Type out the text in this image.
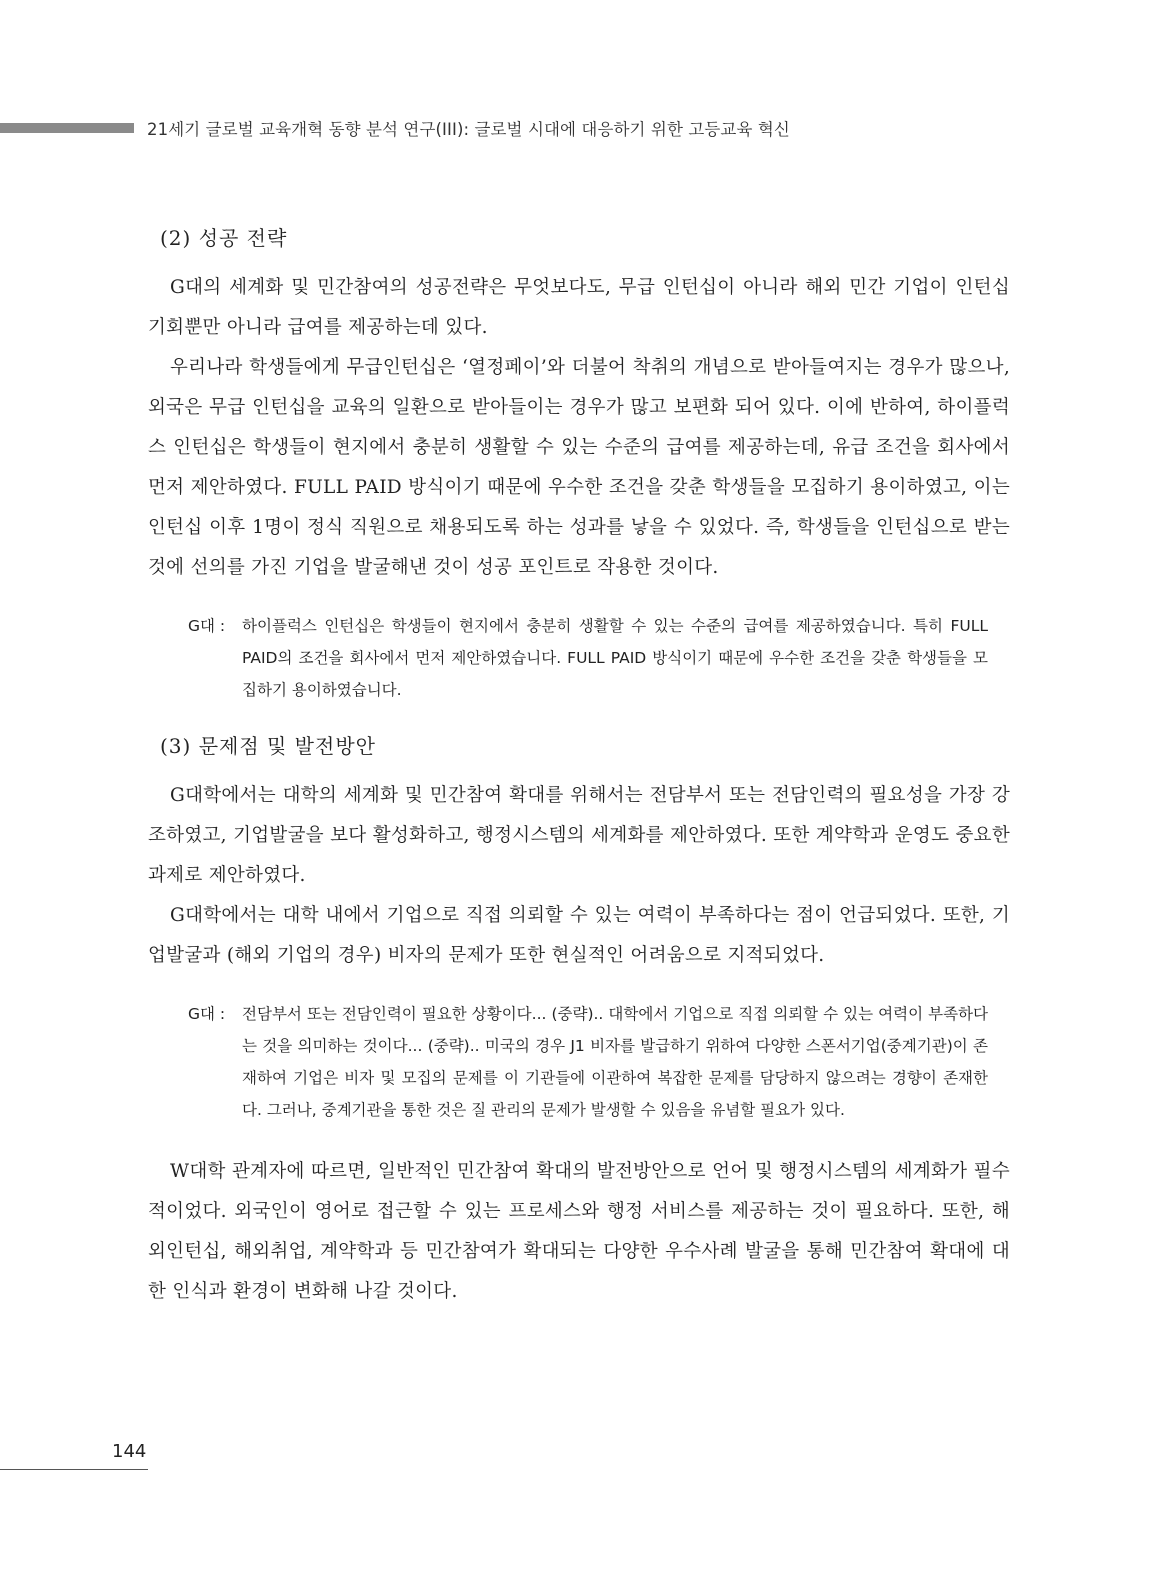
21세기 글로벌 교육개혁 동향 분석 연구(III): 글로벌 시대에 대응하기 위한 고등교육 혁신
(2) 성공 전략

G대의 세계화 및 민간참여의 성공전략은 무엇보다도, 무급 인턴십이 아니라 해외 민간 기업이 인턴십 기회뿐만 아니라 급여를 제공하는데 있다.

우리나라 학생들에게 무급인턴십은 ‘열정페이’와 더불어 착취의 개념으로 받아들여지는 경우가 많으나, 외국은 무급 인턴십을 교육의 일환으로 받아들이는 경우가 많고 보편화 되어 있다. 이에 반하여, 하이플럭스 인턴십은 학생들이 현지에서 충분히 생활할 수 있는 수준의 급여를 제공하는데, 유급 조건을 회사에서 먼저 제안하였다. FULL PAID 방식이기 때문에 우수한 조건을 갖춘 학생들을 모집하기 용이하였고, 이는 인턴십 이후 1명이 정식 직원으로 채용되도록 하는 성과를 낳을 수 있었다. 즉, 학생들을 인턴십으로 받는 것에 선의를 가진 기업을 발굴해낸 것이 성공 포인트로 작용한 것이다.

G대 :	하이플럭스 인턴십은 학생들이 현지에서 충분히 생활할 수 있는 수준의 급여를 제공하였습니다. 특히 FULL PAID의 조건을 회사에서 먼저 제안하였습니다. FULL PAID 방식이기 때문에 우수한 조건을 갖춘 학생들을 모집하기 용이하였습니다.
(3) 문제점 및 발전방안

G대학에서는 대학의 세계화 및 민간참여 확대를 위해서는 전담부서 또는 전담인력의 필요성을 가장 강조하였고, 기업발굴을 보다 활성화하고, 행정시스템의 세계화를 제안하였다. 또한 계약학과 운영도 중요한 과제로 제안하였다.

G대학에서는 대학 내에서 기업으로 직접 의뢰할 수 있는 여력이 부족하다는 점이 언급되었다. 또한, 기업발굴과 (해외 기업의 경우) 비자의 문제가 또한 현실적인 어려움으로 지적되었다.

G대 :	전담부서 또는 전담인력이 필요한 상황이다... (중략).. 대학에서 기업으로 직접 의뢰할 수 있는 여력이 부족하다는 것을 의미하는 것이다... (중략).. 미국의 경우 J1 비자를 발급하기 위하여 다양한 스폰서기업(중계기관)이 존재하여 기업은 비자 및 모집의 문제를 이 기관들에 이관하여 복잡한 문제를 담당하지 않으려는 경향이 존재한다. 그러나, 중계기관을 통한 것은 질 관리의 문제가 발생할 수 있음을 유념할 필요가 있다.

W대학 관계자에 따르면, 일반적인 민간참여 확대의 발전방안으로 언어 및 행정시스템의 세계화가 필수적이었다. 외국인이 영어로 접근할 수 있는 프로세스와 행정 서비스를 제공하는 것이 필요하다. 또한, 해외인턴십, 해외취업, 계약학과 등 민간참여가 확대되는 다양한 우수사례 발굴을 통해 민간참여 확대에 대한 인식과 환경이 변화해 나갈 것이다.

144
